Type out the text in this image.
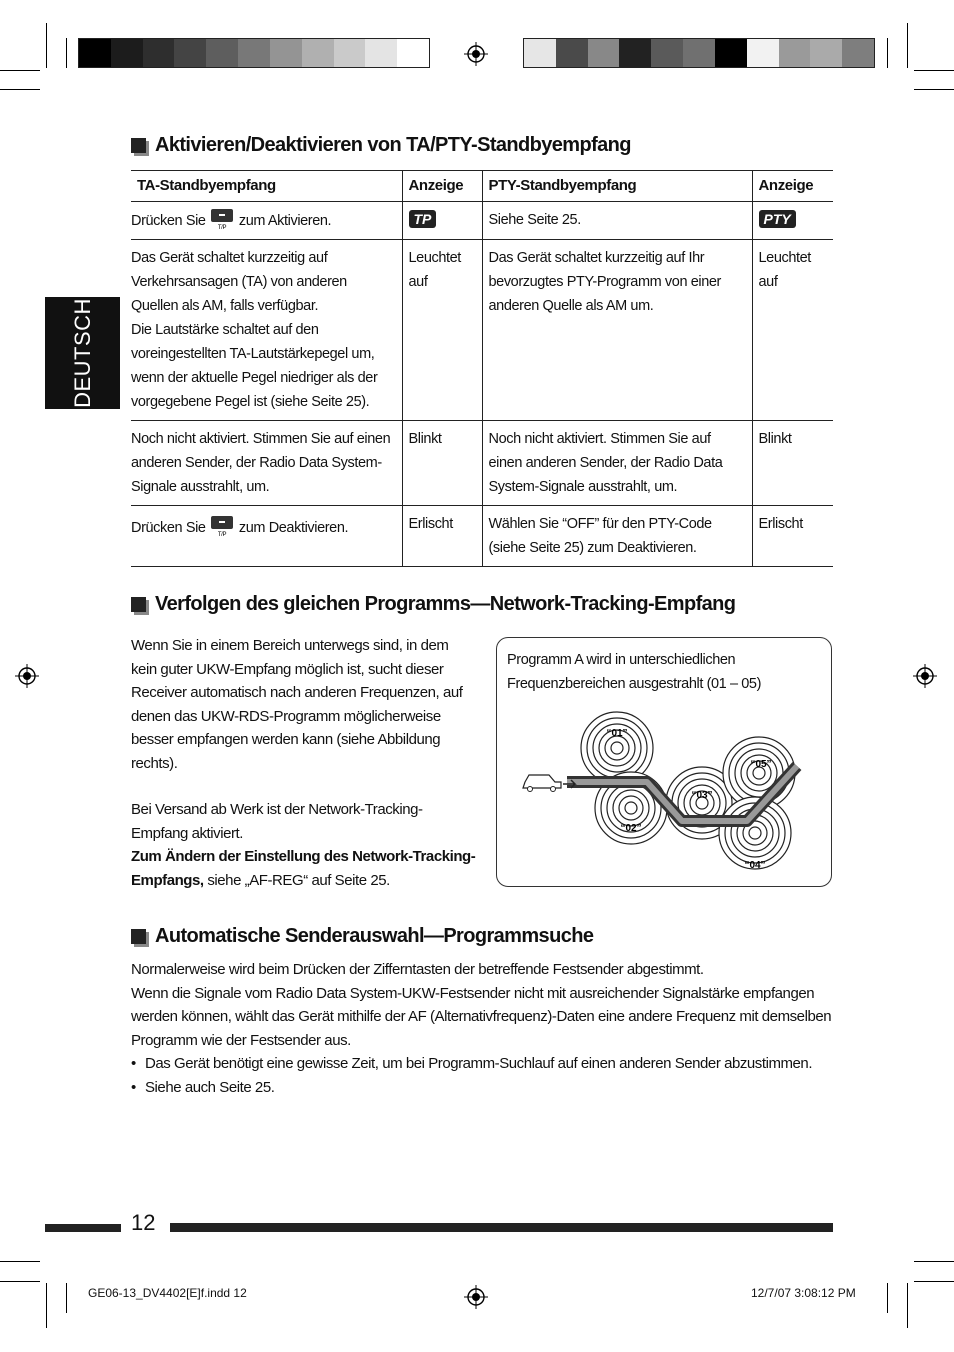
DEUTSCH
Aktivieren/Deaktivieren von TA/PTY-Standbyempfang
TA-Standbyempfang	Anzeige	PTY-Standbyempfang	Anzeige
Drücken Sie T/P zum Aktivieren.	TP	Siehe Seite 25.	PTY

Das Gerät schaltet kurzzeitig auf Verkehrsansagen (TA) von anderen Quellen als AM, falls verfügbar.
Die Lautstärke schaltet auf den voreingestellten TA-Lautstärkepegel um, wenn der aktuelle Pegel niedriger als der vorgegebene Pegel ist (siehe Seite 25).	Leuchtet auf	Das Gerät schaltet kurzzeitig auf Ihr bevorzugtes PTY-Programm von einer anderen Quelle als AM um.	Leuchtet auf
Noch nicht aktiviert. Stimmen Sie auf einen anderen Sender, der Radio Data System-Signale ausstrahlt, um.	Blinkt	Noch nicht aktiviert. Stimmen Sie auf einen anderen Sender, der Radio Data System-Signale ausstrahlt, um.	Blinkt
Drücken Sie T/P zum Deaktivieren.	Erlischt	Wählen Sie “OFF” für den PTY-Code (siehe Seite 25) zum Deaktivieren.	Erlischt
Verfolgen des gleichen Programms—Network-Tracking-Empfang

Wenn Sie in einem Bereich unterwegs sind, in dem kein guter UKW-Empfang möglich ist, sucht dieser Receiver automatisch nach anderen Frequenzen, auf denen das UKW-RDS-Programm möglicherweise besser empfangen werden kann (siehe Abbildung rechts).

Bei Versand ab Werk ist der Network-Tracking-Empfang aktiviert.

Zum Ändern der Einstellung des Network-Tracking-Empfangs, siehe „AF-REG“ auf Seite 25.

Programm A wird in unterschiedlichen Frequenzbereichen ausgestrahlt (01 – 05)
“01”
“02”
“03”
“04”
“05”
Automatische Senderauswahl—Programmsuche

Normalerweise wird beim Drücken der Zifferntasten der betreffende Festsender abgestimmt.

Wenn die Signale vom Radio Data System-UKW-Festsender nicht mit ausreichender Signalstärke empfangen werden können, wählt das Gerät mithilfe der AF (Alternativfrequenz)-Daten eine andere Frequenz mit demselben Programm wie der Festsender aus.

• Das Gerät benötigt eine gewisse Zeit, um bei Programm-Suchlauf auf einen anderen Sender abzustimmen.
• Siehe auch Seite 25.
12
GE06-13_DV4402[E]f.indd 12	12/7/07 3:08:12 PM
